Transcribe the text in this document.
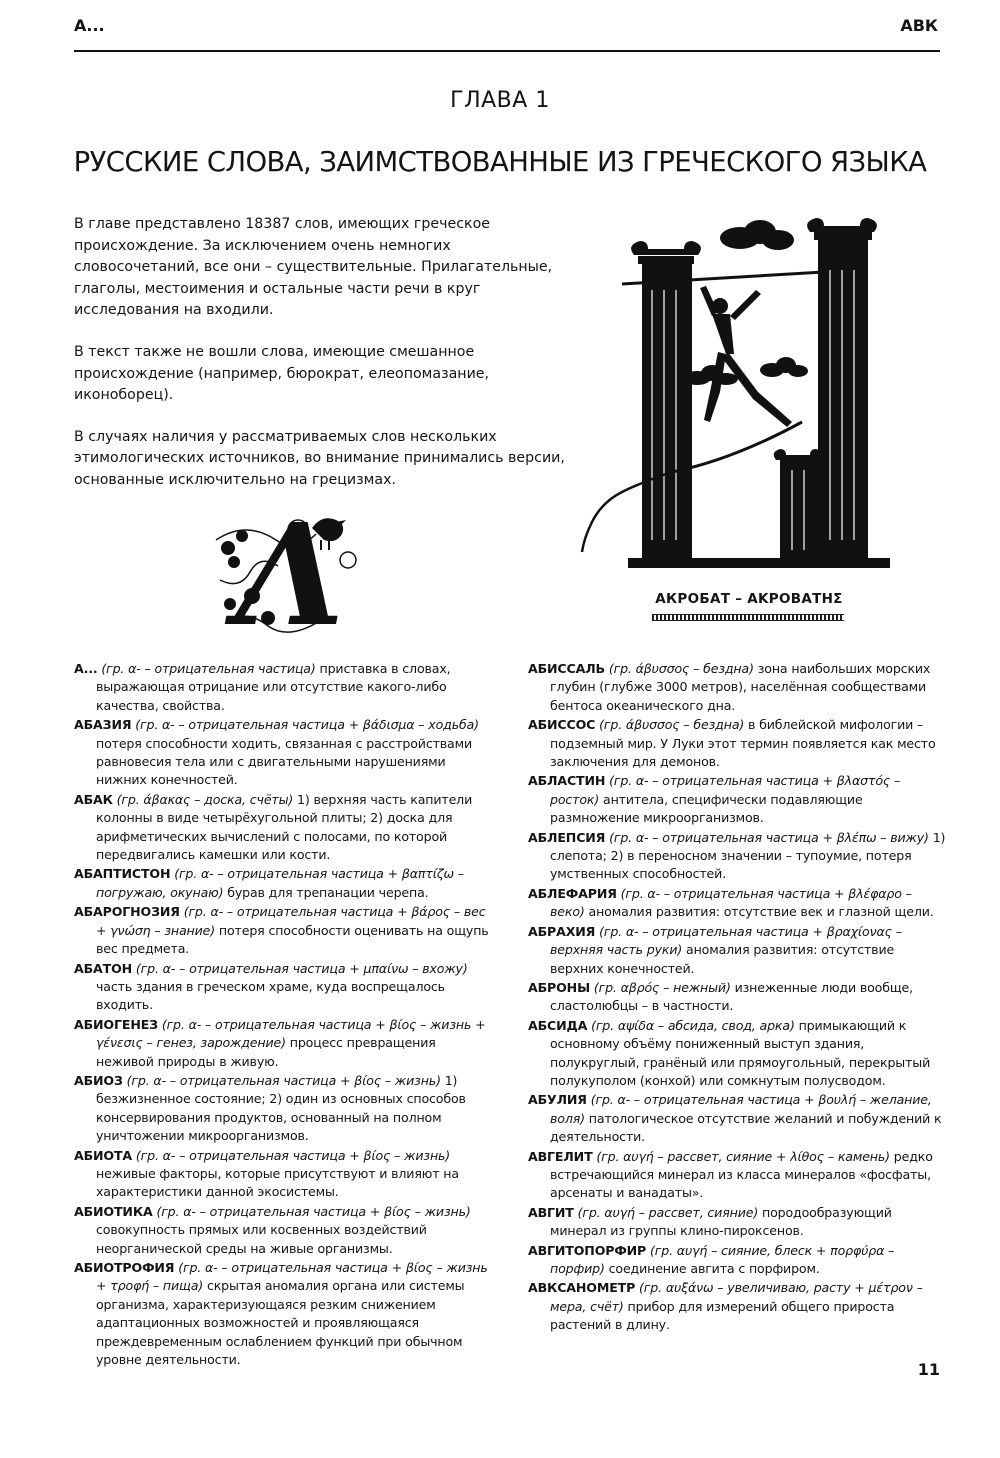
А...	АВК
ГЛАВА 1
РУССКИЕ СЛОВА, ЗАИМСТВОВАННЫЕ ИЗ ГРЕЧЕСКОГО ЯЗЫКА

В главе представлено 18387 слов, имеющих греческое происхождение. За исключением очень немногих словосочетаний, все они – существительные. Прилагательные, глаголы, местоимения и остальные части речи в круг исследования на входили.

В текст также не вошли слова, имеющие смешанное происхождение (например, бюрократ, елеопомазание, иконоборец).

В случаях наличия у рассматриваемых слов нескольких этимологических источников, во внимание принимались версии, основанные исключительно на грецизмах.

АКРОБАТ – ΑΚΡΟΒΑΤΗΣ
Λ
А... (гр. α- – отрицательная частица) приставка в словах, выражающая отрицание или отсутствие какого-либо качества, свойства.
АБАЗИЯ (гр. α- – отрицательная частица + βάδισμα – ходьба) потеря способности ходить, связанная с расстройствами равновесия тела или с двигательными нарушениями нижних конечностей.
АБАК (гр. άβακας – доска, счёты) 1) верхняя часть капители колонны в виде четырёхугольной плиты; 2) доска для арифметических вычислений с полосами, по которой передвигались камешки или кости.
АБАПТИСТОН (гр. α- – отрицательная частица + βαπτίζω – погружаю, окунаю) бурав для трепанации черепа.
АБАРОГНОЗИЯ (гр. α- – отрицательная частица + βάρος – вес + γνώση – знание) потеря способности оценивать на ощупь вес предмета.
АБАТОН (гр. α- – отрицательная частица + μπαίνω – вхожу) часть здания в греческом храме, куда воспрещалось входить.
АБИОГЕНЕЗ (гр. α- – отрицательная частица + βίος – жизнь + γένεσις – генез, зарождение) процесс превращения неживой природы в живую.
АБИОЗ (гр. α- – отрицательная частица + βίος – жизнь) 1) безжизненное состояние; 2) один из основных способов консервирования продуктов, основанный на полном уничтожении микроорганизмов.
АБИОТА (гр. α- – отрицательная частица + βίος – жизнь) неживые факторы, которые присутствуют и влияют на характеристики данной экосистемы.
АБИОТИКА (гр. α- – отрицательная частица + βίος – жизнь) совокупность прямых или косвенных воздействий неорганической среды на живые организмы.
АБИОТРОФИЯ (гр. α- – отрицательная частица + βίος – жизнь + τροφή – пища) скрытая аномалия органа или системы организма, характеризующаяся резким снижением адаптационных возможностей и проявляющаяся преждевременным ослаблением функций при обычном уровне деятельности.
АБИССАЛЬ (гр. άβυσσος – бездна) зона наибольших морских глубин (глубже 3000 метров), населённая сообществами бентоса океанического дна.
АБИССОС (гр. άβυσσος – бездна) в библейской мифологии – подземный мир. У Луки этот термин появляется как место заключения для демонов.
АБЛАСТИН (гр. α- – отрицательная частица + βλαστός – росток) антитела, специфически подавляющие размножение микроорганизмов.
АБЛЕПСИЯ (гр. α- – отрицательная частица + βλέπω – вижу) 1) слепота; 2) в переносном значении – тупоумие, потеря умственных способностей.
АБЛЕФАРИЯ (гр. α- – отрицательная частица + βλέφαρο – веко) аномалия развития: отсутствие век и глазной щели.
АБРАХИЯ (гр. α- – отрицательная частица + βραχίονας – верхняя часть руки) аномалия развития: отсутствие верхних конечностей.
АБРОНЫ (гр. αβρός – нежный) изнеженные люди вообще, сластолюбцы – в частности.
АБСИДА (гр. αψίδα – абсида, свод, арка) примыкающий к основному объёму пониженный выступ здания, полукруглый, гранёный или прямоугольный, перекрытый полукуполом (конхой) или сомкнутым полусводом.
АБУЛИЯ (гр. α- – отрицательная частица + βουλή – желание, воля) патологическое отсутствие желаний и побуждений к деятельности.
АВГЕЛИТ (гр. αυγή – рассвет, сияние + λίθος – камень) редко встречающийся минерал из класса минералов «фосфаты, арсенаты и ванадаты».
АВГИТ (гр. αυγή – рассвет, сияние) породообразующий минерал из группы клино-пироксенов.
АВГИТОПОРФИР (гр. αυγή – сияние, блеск + πορφύρα – порфир) соединение авгита с порфиром.
АВКСАНОМЕТР (гр. αυξάνω – увеличиваю, расту + μέτρον – мера, счёт) прибор для измерений общего прироста растений в длину.
11
